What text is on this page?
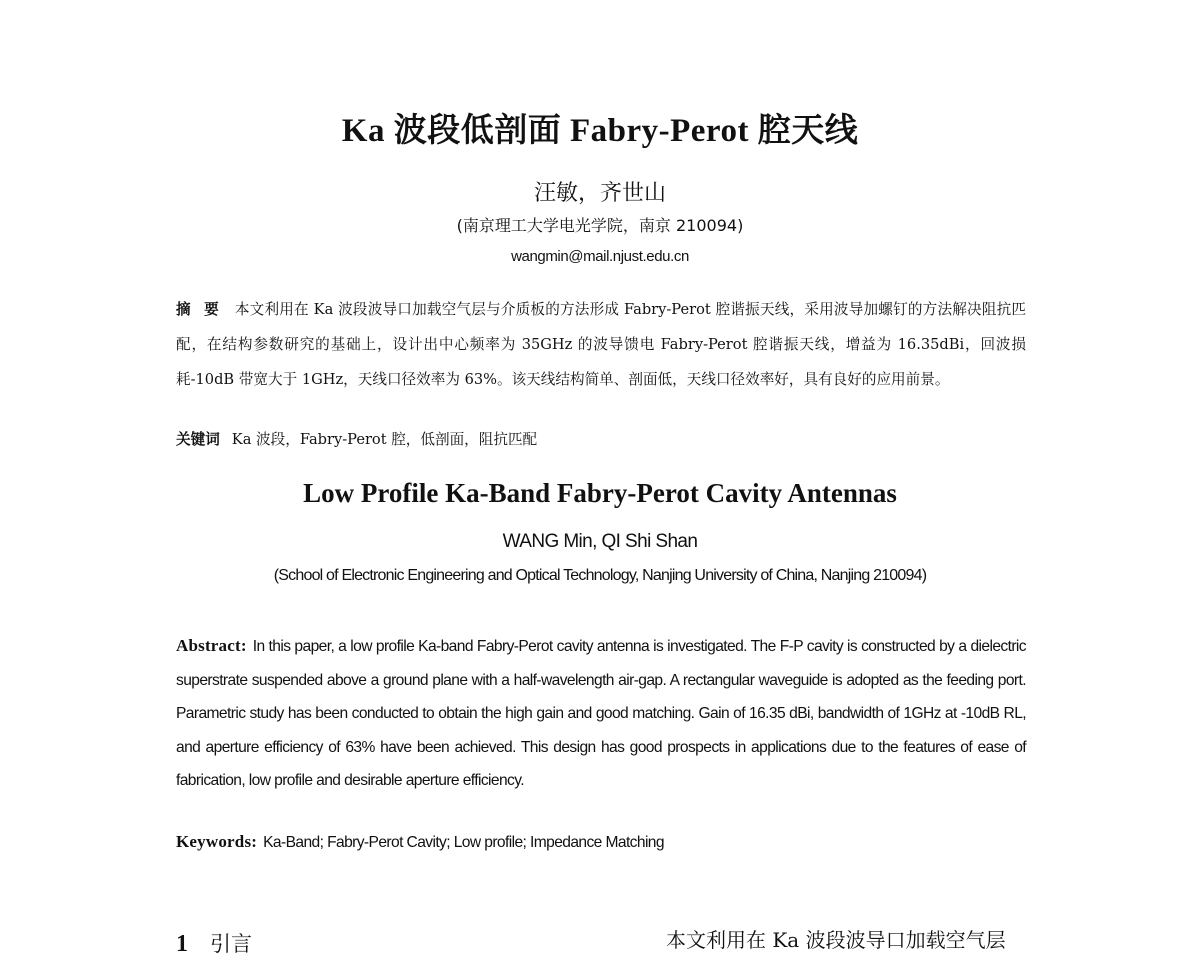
Ka 波段低剖面 Fabry-Perot 腔天线
汪敏，齐世山
(南京理工大学电光学院，南京 210094)
wangmin@mail.njust.edu.cn
摘 要 本文利用在 Ka 波段波导口加载空气层与介质板的方法形成 Fabry-Perot 腔谐振天线，采用波导加螺钉的方法解决阻抗匹配，在结构参数研究的基础上，设计出中心频率为 35GHz 的波导馈电 Fabry-Perot 腔谐振天线，增益为 16.35dBi，回波损耗-10dB 带宽大于 1GHz，天线口径效率为 63%。该天线结构简单、剖面低，天线口径效率好，具有良好的应用前景。
关键词 Ka 波段，Fabry-Perot 腔，低剖面，阻抗匹配
Low Profile Ka-Band Fabry-Perot Cavity Antennas
WANG Min, QI Shi Shan
(School of Electronic Engineering and Optical Technology, Nanjing University of China, Nanjing 210094)
Abstract: In this paper, a low profile Ka-band Fabry-Perot cavity antenna is investigated. The F-P cavity is constructed by a dielectric superstrate suspended above a ground plane with a half-wavelength air-gap. A rectangular waveguide is adopted as the feeding port. Parametric study has been conducted to obtain the high gain and good matching. Gain of 16.35 dBi, bandwidth of 1GHz at -10dB RL, and aperture efficiency of 63% have been achieved. This design has good prospects in applications due to the features of ease of fabrication, low profile and desirable aperture efficiency.
Keywords: Ka-Band; Fabry-Perot Cavity; Low profile; Impedance Matching
1 引言	本文利用在 Ka 波段波导口加载空气层
